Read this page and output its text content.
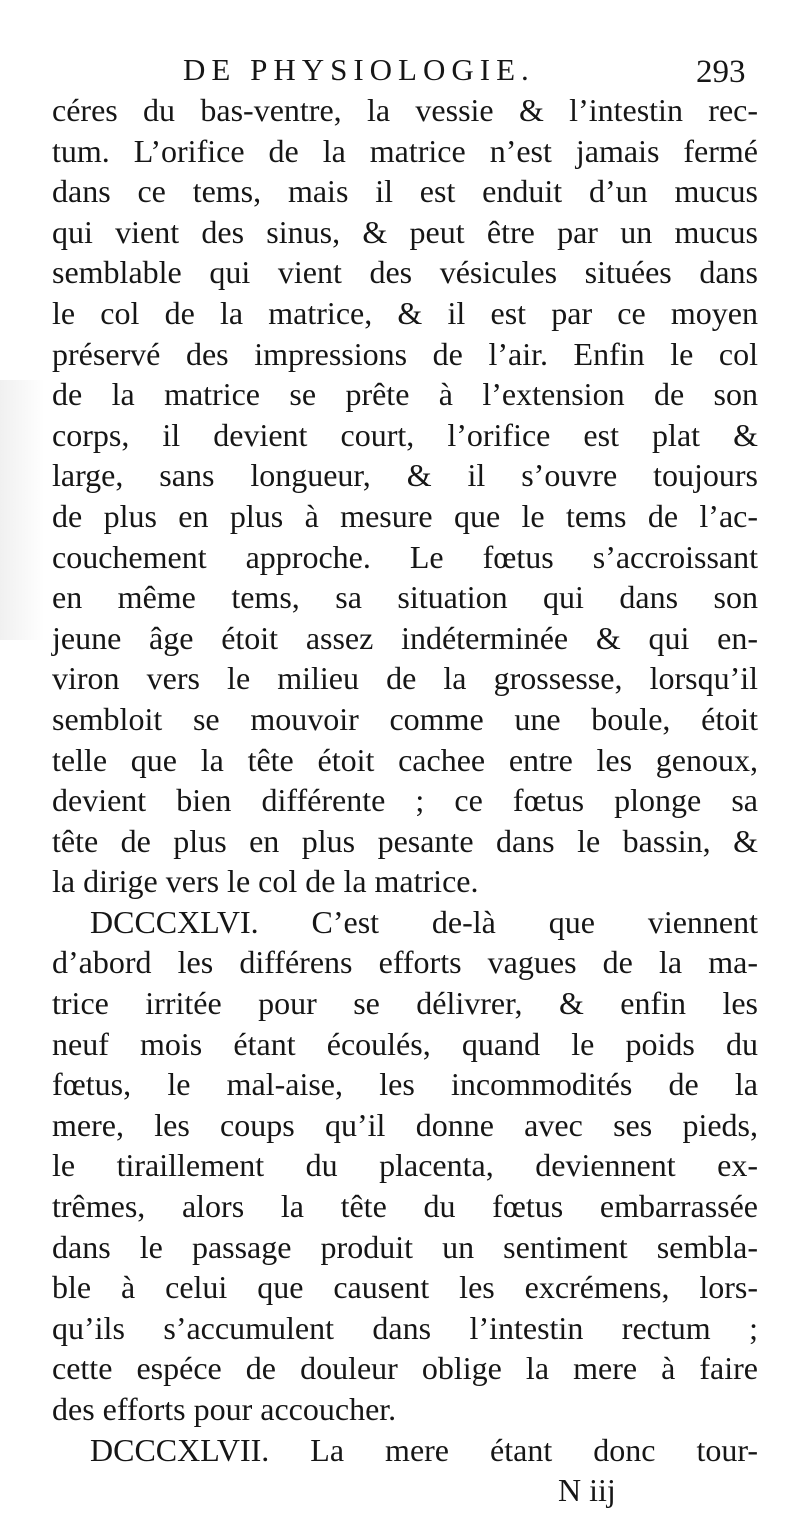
DE PHYSIOLOGIE.	293
céres du bas-ventre, la vessie & l’intestin rec-
tum. L’orifice de la matrice n’est jamais fermé
dans ce tems, mais il est enduit d’un mucus
qui vient des sinus, & peut être par un mucus
semblable qui vient des vésicules situées dans
le col de la matrice, & il est par ce moyen
préservé des impressions de l’air. Enfin le col
de la matrice se prête à l’extension de son
corps, il devient court, l’orifice est plat &
large, sans longueur, & il s’ouvre toujours
de plus en plus à mesure que le tems de l’ac-
couchement approche. Le fœtus s’accroissant
en même tems, sa situation qui dans son
jeune âge étoit assez indéterminée & qui en-
viron vers le milieu de la grossesse, lorsqu’il
sembloit se mouvoir comme une boule, étoit
telle que la tête étoit cachee entre les genoux,
devient bien différente ; ce fœtus plonge sa
tête de plus en plus pesante dans le bassin, &
la dirige vers le col de la matrice.
DCCCXLVI. C’est de-là que viennent
d’abord les différens efforts vagues de la ma-
trice irritée pour se délivrer, & enfin les
neuf mois étant écoulés, quand le poids du
fœtus, le mal-aise, les incommodités de la
mere, les coups qu’il donne avec ses pieds,
le tiraillement du placenta, deviennent ex-
trêmes, alors la tête du fœtus embarrassée
dans le passage produit un sentiment sembla-
ble à celui que causent les excrémens, lors-
qu’ils s’accumulent dans l’intestin rectum ;
cette espéce de douleur oblige la mere à faire
des efforts pour accoucher.
DCCCXLVII. La mere étant donc tour-
N iij
